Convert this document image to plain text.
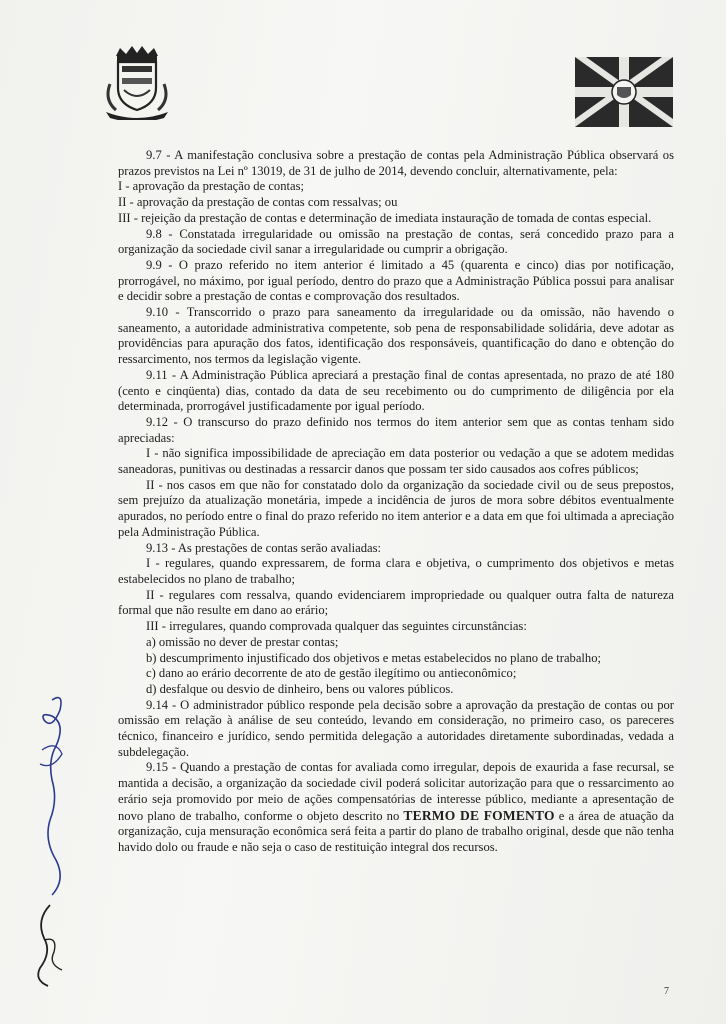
9.7 - A manifestação conclusiva sobre a prestação de contas pela Administração Pública observará os prazos previstos na Lei nº 13019, de 31 de julho de 2014, devendo concluir, alternativamente, pela:

I - aprovação da prestação de contas;

II - aprovação da prestação de contas com ressalvas; ou

III - rejeição da prestação de contas e determinação de imediata instauração de tomada de contas especial.

9.8 - Constatada irregularidade ou omissão na prestação de contas, será concedido prazo para a organização da sociedade civil sanar a irregularidade ou cumprir a obrigação.

9.9 - O prazo referido no item anterior é limitado a 45 (quarenta e cinco) dias por notificação, prorrogável, no máximo, por igual período, dentro do prazo que a Administração Pública possui para analisar e decidir sobre a prestação de contas e comprovação dos resultados.

9.10 - Transcorrido o prazo para saneamento da irregularidade ou da omissão, não havendo o saneamento, a autoridade administrativa competente, sob pena de responsabilidade solidária, deve adotar as providências para apuração dos fatos, identificação dos responsáveis, quantificação do dano e obtenção do ressarcimento, nos termos da legislação vigente.

9.11 - A Administração Pública apreciará a prestação final de contas apresentada, no prazo de até 180 (cento e cinqüenta) dias, contado da data de seu recebimento ou do cumprimento de diligência por ela determinada, prorrogável justificadamente por igual período.

9.12 - O transcurso do prazo definido nos termos do item anterior sem que as contas tenham sido apreciadas:

I - não significa impossibilidade de apreciação em data posterior ou vedação a que se adotem medidas saneadoras, punitivas ou destinadas a ressarcir danos que possam ter sido causados aos cofres públicos;

II - nos casos em que não for constatado dolo da organização da sociedade civil ou de seus prepostos, sem prejuízo da atualização monetária, impede a incidência de juros de mora sobre débitos eventualmente apurados, no período entre o final do prazo referido no item anterior e a data em que foi ultimada a apreciação pela Administração Pública.

9.13 - As prestações de contas serão avaliadas:

I - regulares, quando expressarem, de forma clara e objetiva, o cumprimento dos objetivos e metas estabelecidos no plano de trabalho;

II - regulares com ressalva, quando evidenciarem impropriedade ou qualquer outra falta de natureza formal que não resulte em dano ao erário;

III - irregulares, quando comprovada qualquer das seguintes circunstâncias:

a) omissão no dever de prestar contas;

b) descumprimento injustificado dos objetivos e metas estabelecidos no plano de trabalho;

c) dano ao erário decorrente de ato de gestão ilegítimo ou antieconômico;

d) desfalque ou desvio de dinheiro, bens ou valores públicos.

9.14 - O administrador público responde pela decisão sobre a aprovação da prestação de contas ou por omissão em relação à análise de seu conteúdo, levando em consideração, no primeiro caso, os pareceres técnico, financeiro e jurídico, sendo permitida delegação a autoridades diretamente subordinadas, vedada a subdelegação.

9.15 - Quando a prestação de contas for avaliada como irregular, depois de exaurida a fase recursal, se mantida a decisão, a organização da sociedade civil poderá solicitar autorização para que o ressarcimento ao erário seja promovido por meio de ações compensatórias de interesse público, mediante a apresentação de novo plano de trabalho, conforme o objeto descrito no TERMO DE FOMENTO e a área de atuação da organização, cuja mensuração econômica será feita a partir do plano de trabalho original, desde que não tenha havido dolo ou fraude e não seja o caso de restituição integral dos recursos.

7
